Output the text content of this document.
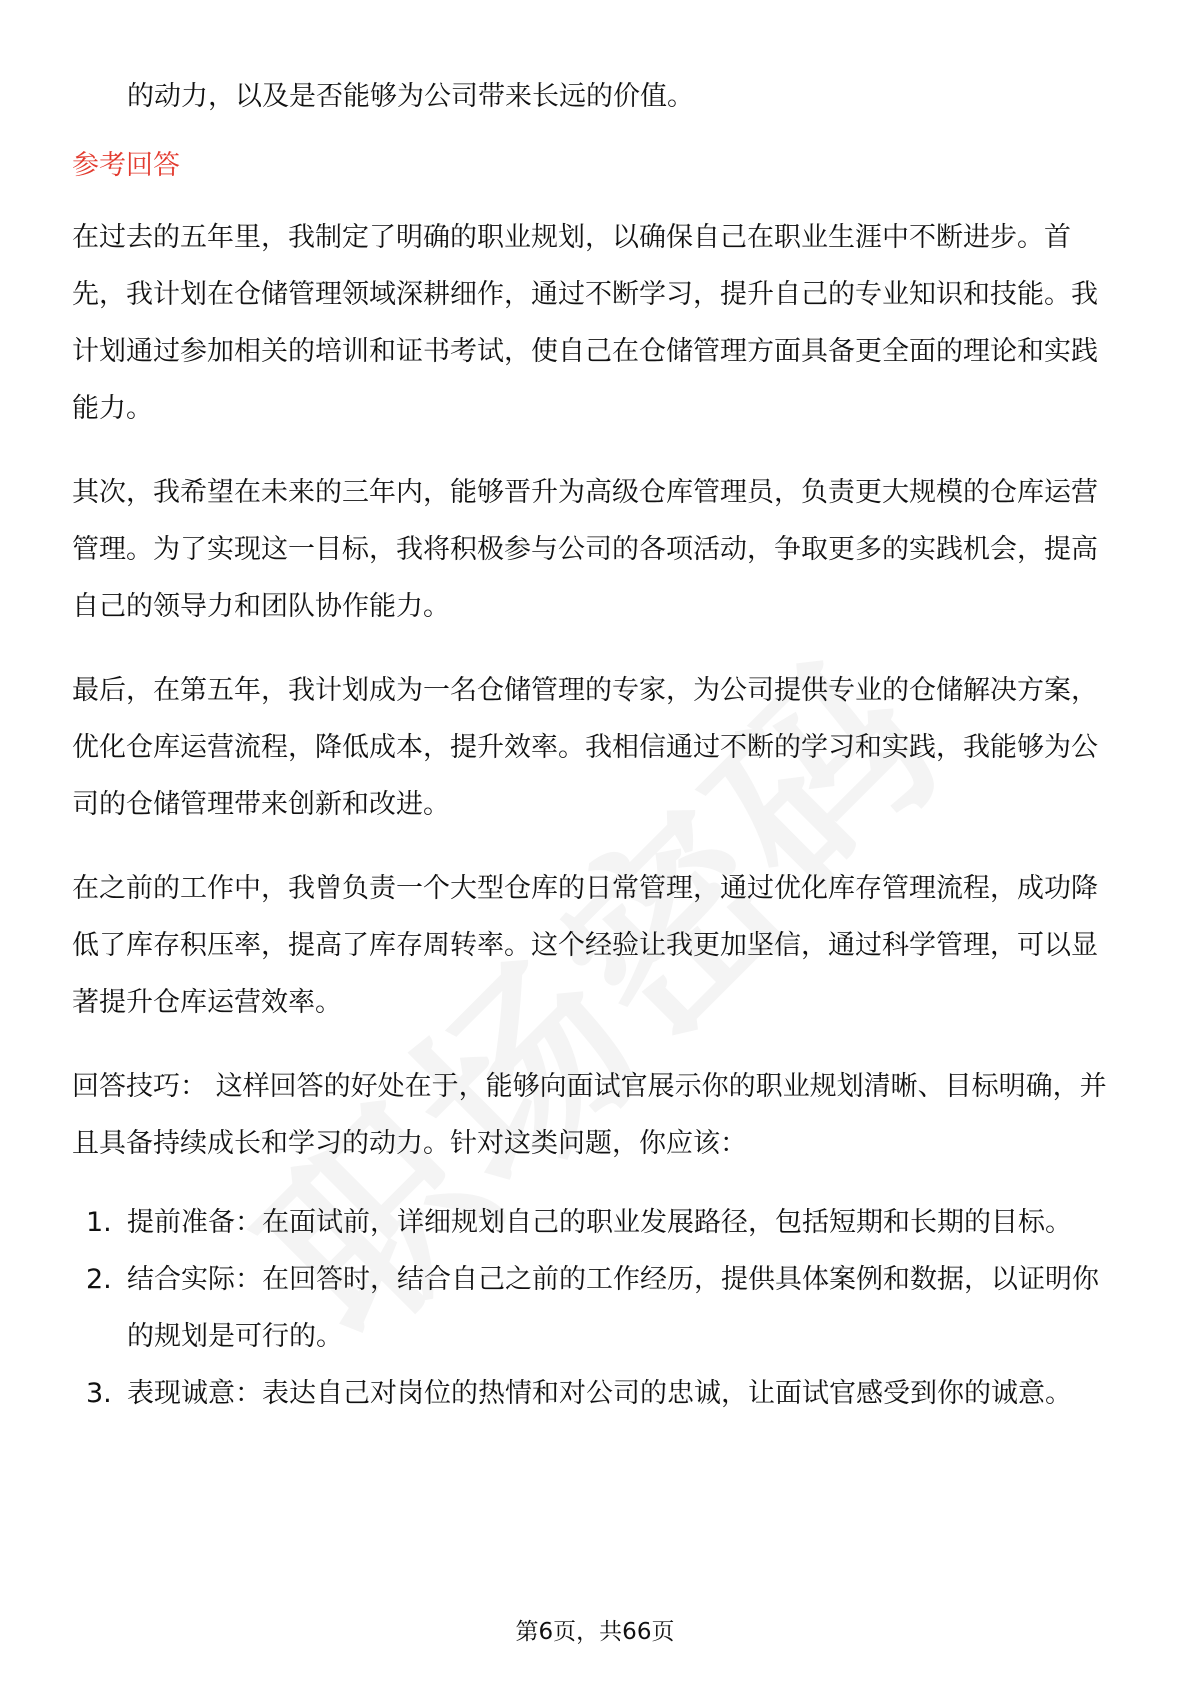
的动力，以及是否能够为公司带来长远的价值。

参考回答

在过去的五年里，我制定了明确的职业规划，以确保自己在职业生涯中不断进步。首先，我计划在仓储管理领域深耕细作，通过不断学习，提升自己的专业知识和技能。我计划通过参加相关的培训和证书考试，使自己在仓储管理方面具备更全面的理论和实践能力。

其次，我希望在未来的三年内，能够晋升为高级仓库管理员，负责更大规模的仓库运营管理。为了实现这一目标，我将积极参与公司的各项活动，争取更多的实践机会，提高自己的领导力和团队协作能力。

最后，在第五年，我计划成为一名仓储管理的专家，为公司提供专业的仓储解决方案，优化仓库运营流程，降低成本，提升效率。我相信通过不断的学习和实践，我能够为公司的仓储管理带来创新和改进。

在之前的工作中，我曾负责一个大型仓库的日常管理，通过优化库存管理流程，成功降低了库存积压率，提高了库存周转率。这个经验让我更加坚信，通过科学管理，可以显著提升仓库运营效率。

回答技巧： 这样回答的好处在于，能够向面试官展示你的职业规划清晰、目标明确，并且具备持续成长和学习的动力。针对这类问题，你应该：

1. 提前准备：在面试前，详细规划自己的职业发展路径，包括短期和长期的目标。
2. 结合实际：在回答时，结合自己之前的工作经历，提供具体案例和数据，以证明你的规划是可行的。
3. 表现诚意：表达自己对岗位的热情和对公司的忠诚，让面试官感受到你的诚意。
第6页，共66页
